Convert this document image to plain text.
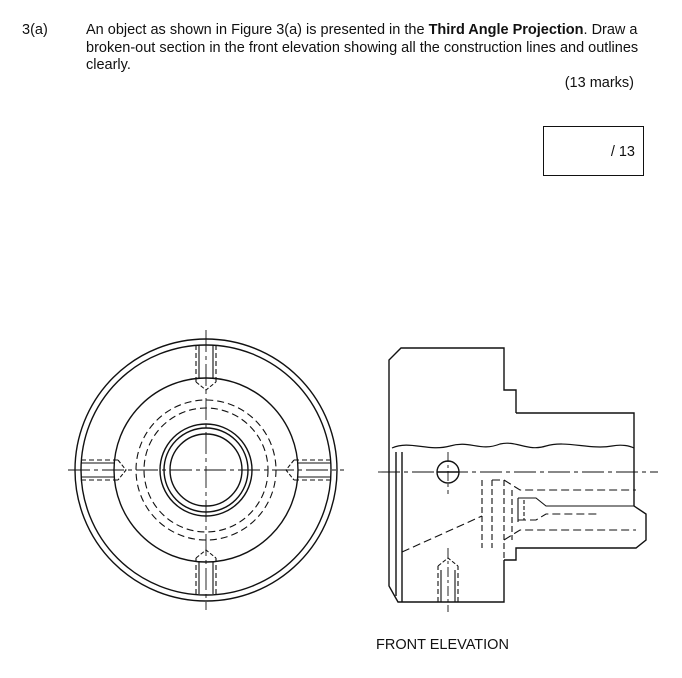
3(a)	An object as shown in Figure 3(a) is presented in the Third Angle Projection. Draw a broken-out section in the front elevation showing all the construction lines and outlines clearly.
(13 marks)
/ 13
FRONT ELEVATION
